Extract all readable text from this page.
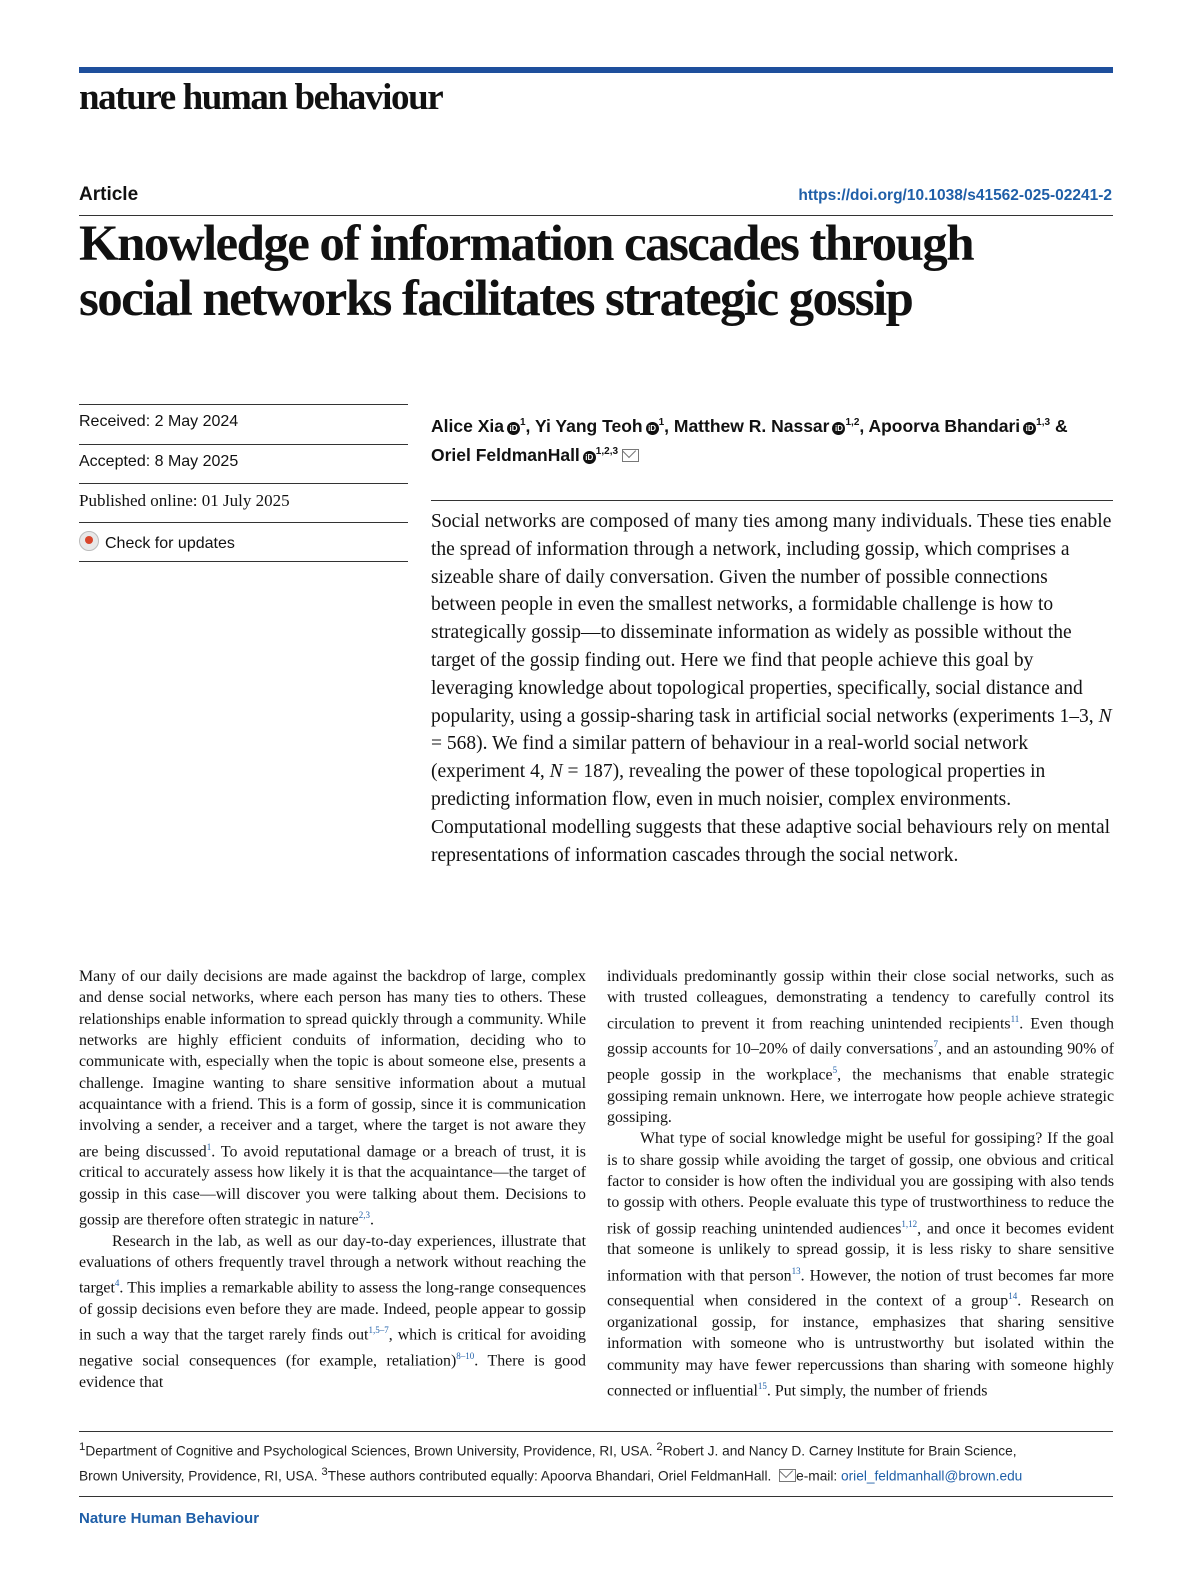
nature human behaviour
Article	https://doi.org/10.1038/s41562-025-02241-2
Knowledge of information cascades through
social networks facilitates strategic gossip
Received: 2 May 2024
Accepted: 8 May 2025
Published online: 01 July 2025
Check for updates
Alice Xia $iD^1$, Yi Yang Teoh $iD^1$, Matthew R. Nassar iD$^{1,2}$, Apoorva Bhandari iD$^{1,3}$ &
Oriel FeldmanHall iD$^{1,2,3}$

Social networks are composed of many ties among many individuals. These ties enable the spread of information through a network, including gossip, which comprises a sizeable share of daily conversation. Given the number of possible connections between people in even the smallest networks, a formidable challenge is how to strategically gossip—to disseminate information as widely as possible without the target of the gossip finding out. Here we find that people achieve this goal by leveraging knowledge about topological properties, specifically, social distance and popularity, using a gossip-sharing task in artificial social networks (experiments 1–3, N = 568). We find a similar pattern of behaviour in a real-world social network (experiment 4, N = 187), revealing the power of these topological properties in predicting information flow, even in much noisier, complex environments. Computational modelling suggests that these adaptive social behaviours rely on mental representations of information cascades through the social network.

Many of our daily decisions are made against the backdrop of large, complex and dense social networks, where each person has many ties to others. These relationships enable information to spread quickly through a community. While networks are highly efficient conduits of information, deciding who to communicate with, especially when the topic is about someone else, presents a challenge. Imagine wanting to share sensitive information about a mutual acquaintance with a friend. This is a form of gossip, since it is communication involving a sender, a receiver and a target, where the target is not aware they are being discussed$^1$. To avoid reputational damage or a breach of trust, it is critical to accurately assess how likely it is that the acquaintance—the target of gossip in this case—will discover you were talking about them. Decisions to gossip are therefore often strategic in nature$^{2,3}$.

Research in the lab, as well as our day-to-day experiences, illustrate that evaluations of others frequently travel through a network without reaching the target$^4$. This implies a remarkable ability to assess the long-range consequences of gossip decisions even before they are made. Indeed, people appear to gossip in such a way that the target rarely finds out$^{1,5-7}$, which is critical for avoiding negative social consequences (for example, retaliation)$^{8-10}$. There is good evidence that

individuals predominantly gossip within their close social networks, such as with trusted colleagues, demonstrating a tendency to carefully control its circulation to prevent it from reaching unintended recipients$^{11}$. Even though gossip accounts for 10–20% of daily conversations$^7$, and an astounding 90% of people gossip in the workplace$^5$, the mechanisms that enable strategic gossiping remain unknown. Here, we interrogate how people achieve strategic gossiping.

What type of social knowledge might be useful for gossiping? If the goal is to share gossip while avoiding the target of gossip, one obvious and critical factor to consider is how often the individual you are gossiping with also tends to gossip with others. People evaluate this type of trustworthiness to reduce the risk of gossip reaching unintended audiences$^{1,12}$, and once it becomes evident that someone is unlikely to spread gossip, it is less risky to share sensitive information with that person$^{13}$. However, the notion of trust becomes far more consequential when considered in the context of a group$^{14}$. Research on organizational gossip, for instance, emphasizes that sharing sensitive information with someone who is untrustworthy but isolated within the community may have fewer repercussions than sharing with someone highly connected or influential$^{15}$. Put simply, the number of friends

$^1$Department of Cognitive and Psychological Sciences, Brown University, Providence, RI, USA. $^2$Robert J. and Nancy D. Carney Institute for Brain Science,
Brown University, Providence, RI, USA. $^3$These authors contributed equally: Apoorva Bhandari, Oriel FeldmanHall. e-mail: oriel_feldmanhall@brown.edu
Nature Human Behaviour
